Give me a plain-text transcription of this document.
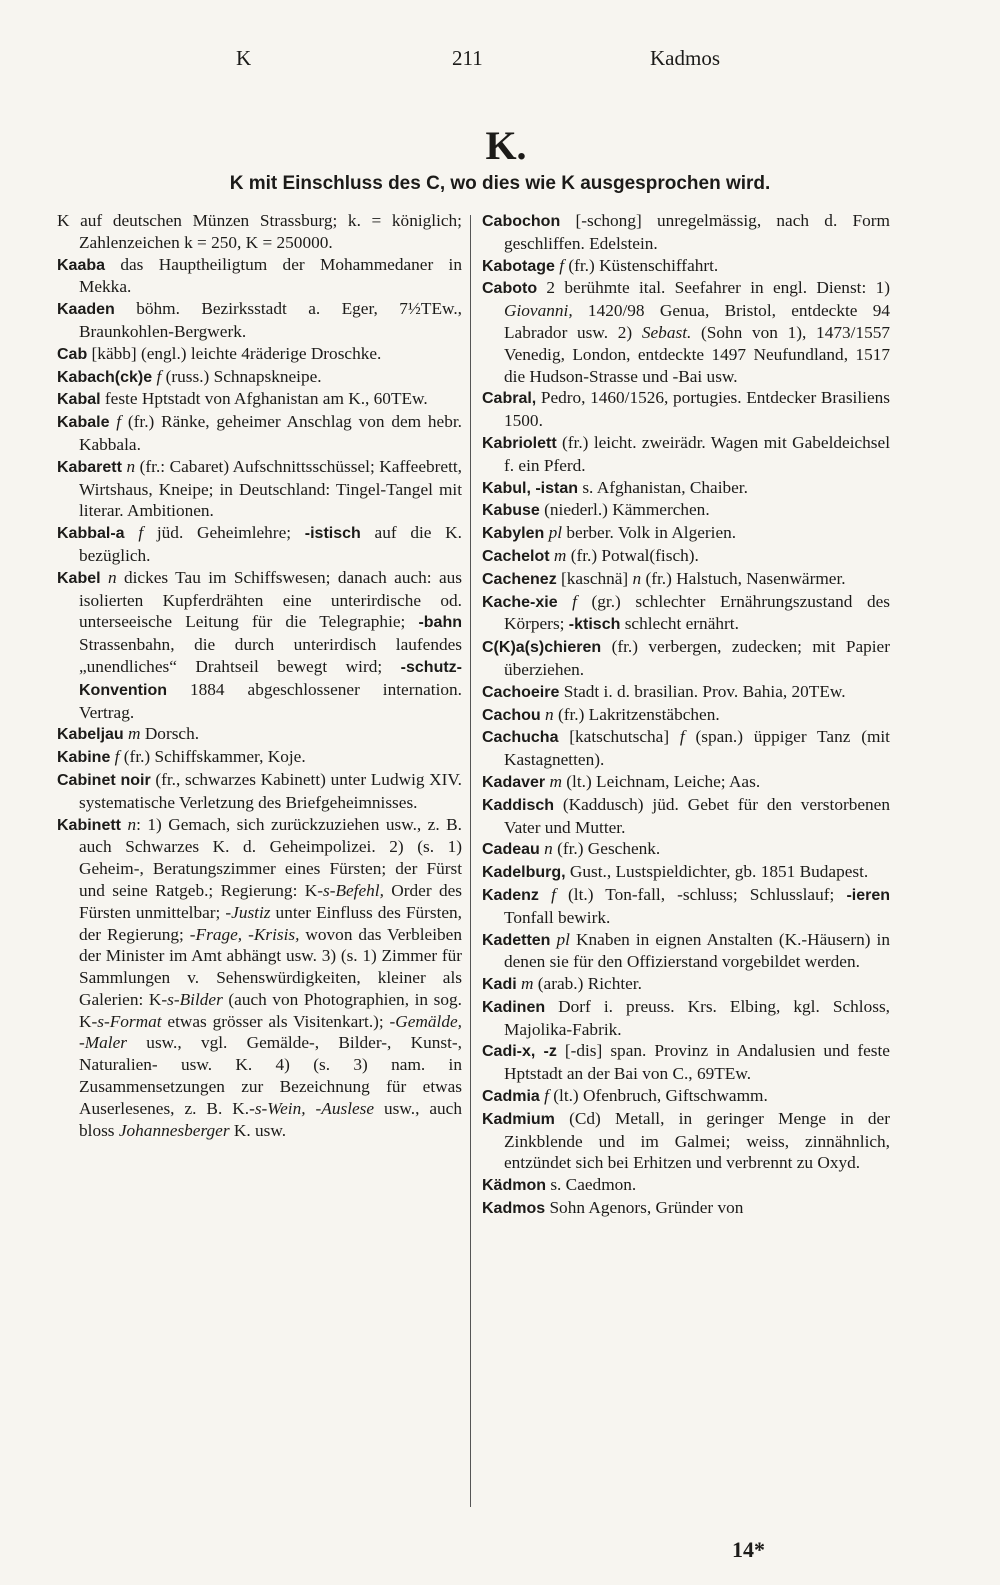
K	211	Kadmos
K.
K mit Einschluss des C, wo dies wie K ausgesprochen wird.

K auf deutschen Münzen Strassburg; k. = königlich; Zahlenzeichen k = 250, K = 250000.

Kaaba das Hauptheiligtum der Mohammedaner in Mekka.

Kaaden böhm. Bezirksstadt a. Eger, 7½TEw., Braunkohlen-Bergwerk.

Cab [käbb] (engl.) leichte 4räderige Droschke.

Kabach(ck)e f (russ.) Schnapskneipe.

Kabal feste Hptstadt von Afghanistan am K., 60TEw.

Kabale f (fr.) Ränke, geheimer Anschlag von dem hebr. Kabbala.

Kabarett n (fr.: Cabaret) Aufschnittsschüssel; Kaffeebrett, Wirtshaus, Kneipe; in Deutschland: Tingel-Tangel mit literar. Ambitionen.

Kabbal-a f jüd. Geheimlehre; -istisch auf die K. bezüglich.

Kabel n dickes Tau im Schiffswesen; danach auch: aus isolierten Kupferdrähten eine unterirdische od. unterseeische Leitung für die Telegraphie; -bahn Strassenbahn, die durch unterirdisch laufendes „unendliches“ Drahtseil bewegt wird; -schutz-Konvention 1884 abgeschlossener internation. Vertrag.

Kabeljau m Dorsch.

Kabine f (fr.) Schiffskammer, Koje.

Cabinet noir (fr., schwarzes Kabinett) unter Ludwig XIV. systematische Verletzung des Briefgeheimnisses.

Kabinett n: 1) Gemach, sich zurückzuziehen usw., z. B. auch Schwarzes K. d. Geheimpolizei. 2) (s. 1) Geheim-, Beratungszimmer eines Fürsten; der Fürst und seine Ratgeb.; Regierung: K-s-Befehl, Order des Fürsten unmittelbar; -Justiz unter Einfluss des Fürsten, der Regierung; -Frage, -Krisis, wovon das Verbleiben der Minister im Amt abhängt usw. 3) (s. 1) Zimmer für Sammlungen v. Sehenswürdigkeiten, kleiner als Galerien: K-s-Bilder (auch von Photographien, in sog. K-s-Format etwas grösser als Visitenkart.); -Gemälde, -Maler usw., vgl. Gemälde-, Bilder-, Kunst-, Naturalien- usw. K. 4) (s. 3) nam. in Zusammensetzungen zur Bezeichnung für etwas Auserlesenes, z. B. K.-s-Wein, -Auslese usw., auch bloss Johannesberger K. usw.

Cabochon [-schong] unregelmässig, nach d. Form geschliffen. Edelstein.

Kabotage f (fr.) Küstenschiffahrt.

Caboto 2 berühmte ital. Seefahrer in engl. Dienst: 1) Giovanni, 1420/98 Genua, Bristol, entdeckte 94 Labrador usw. 2) Sebast. (Sohn von 1), 1473/1557 Venedig, London, entdeckte 1497 Neufundland, 1517 die Hudson-Strasse und -Bai usw.

Cabral, Pedro, 1460/1526, portugies. Entdecker Brasiliens 1500.

Kabriolett (fr.) leicht. zweirädr. Wagen mit Gabeldeichsel f. ein Pferd.

Kabul, -istan s. Afghanistan, Chaiber.

Kabuse (niederl.) Kämmerchen.

Kabylen pl berber. Volk in Algerien.

Cachelot m (fr.) Potwal(fisch).

Cachenez [kaschnä] n (fr.) Halstuch, Nasenwärmer.

Kache-xie f (gr.) schlechter Ernährungszustand des Körpers; -ktisch schlecht ernährt.

C(K)a(s)chieren (fr.) verbergen, zudecken; mit Papier überziehen.

Cachoeire Stadt i. d. brasilian. Prov. Bahia, 20TEw.

Cachou n (fr.) Lakritzenstäbchen.

Cachucha [katschutscha] f (span.) üppiger Tanz (mit Kastagnetten).

Kadaver m (lt.) Leichnam, Leiche; Aas.

Kaddisch (Kaddusch) jüd. Gebet für den verstorbenen Vater und Mutter.

Cadeau n (fr.) Geschenk.

Kadelburg, Gust., Lustspieldichter, gb. 1851 Budapest.

Kadenz f (lt.) Ton-fall, -schluss; Schlusslauf; -ieren Tonfall bewirk.

Kadetten pl Knaben in eignen Anstalten (K.-Häusern) in denen sie für den Offizierstand vorgebildet werden.

Kadi m (arab.) Richter.

Kadinen Dorf i. preuss. Krs. Elbing, kgl. Schloss, Majolika-Fabrik.

Cadi-x, -z [-dis] span. Provinz in Andalusien und feste Hptstadt an der Bai von C., 69TEw.

Cadmia f (lt.) Ofenbruch, Giftschwamm.

Kadmium (Cd) Metall, in geringer Menge in der Zinkblende und im Galmei; weiss, zinnähnlich, entzündet sich bei Erhitzen und verbrennt zu Oxyd.

Kädmon s. Caedmon.

Kadmos Sohn Agenors, Gründer von

14*
